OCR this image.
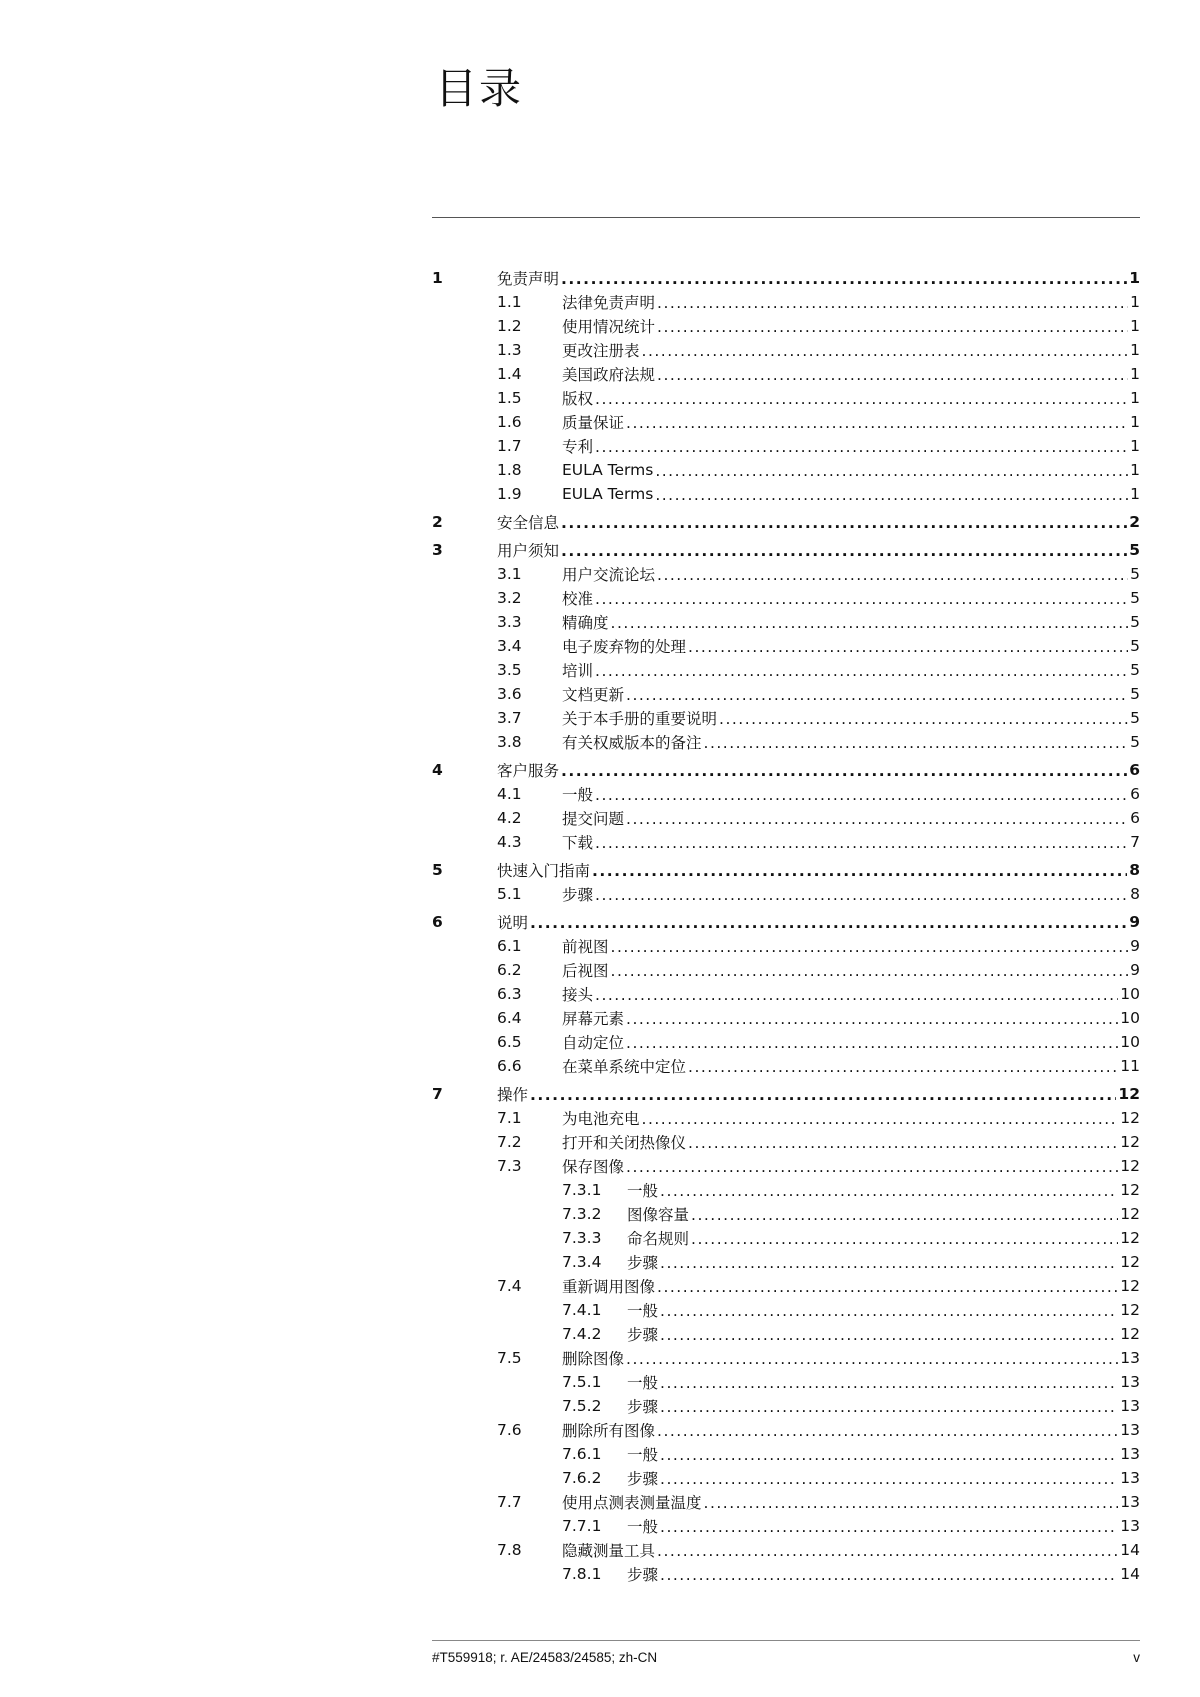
目录
1	免责声明 .....	1
1.1	法律免责声明 .....	1
1.2	使用情况统计 .....	1
1.3	更改注册表 .....	1
1.4	美国政府法规 .....	1
1.5	版权 .....	1
1.6	质量保证 .....	1
1.7	专利 .....	1
1.8	EULA Terms .....	1
1.9	EULA Terms .....	1
2	安全信息 .....	2
3	用户须知 .....	5
3.1	用户交流论坛 .....	5
3.2	校准 .....	5
3.3	精确度 .....	5
3.4	电子废弃物的处理 .....	5
3.5	培训 .....	5
3.6	文档更新 .....	5
3.7	关于本手册的重要说明 .....	5
3.8	有关权威版本的备注 .....	5
4	客户服务 .....	6
4.1	一般 .....	6
4.2	提交问题 .....	6
4.3	下载 .....	7
5	快速入门指南 .....	8
5.1	步骤 .....	8
6	说明 .....	9
6.1	前视图 .....	9
6.2	后视图 .....	9
6.3	接头 .....	10
6.4	屏幕元素 .....	10
6.5	自动定位 .....	10
6.6	在菜单系统中定位 .....	11
7	操作 .....	12
7.1	为电池充电 .....	12
7.2	打开和关闭热像仪 .....	12
7.3	保存图像 .....	12
7.3.1 一般 .....	12
7.3.2 图像容量 .....	12
7.3.3 命名规则 .....	12
7.3.4 步骤 .....	12
7.4	重新调用图像 .....	12
7.4.1 一般 .....	12
7.4.2 步骤 .....	12
7.5	删除图像 .....	13
7.5.1 一般 .....	13
7.5.2 步骤 .....	13
7.6	删除所有图像 .....	13
7.6.1 一般 .....	13
7.6.2 步骤 .....	13
7.7	使用点测表测量温度 .....	13
7.7.1 一般 .....	13
7.8	隐藏测量工具 .....	14
7.8.1 步骤 .....	14
#T559918; r. AE/24583/24585; zh-CN	v
